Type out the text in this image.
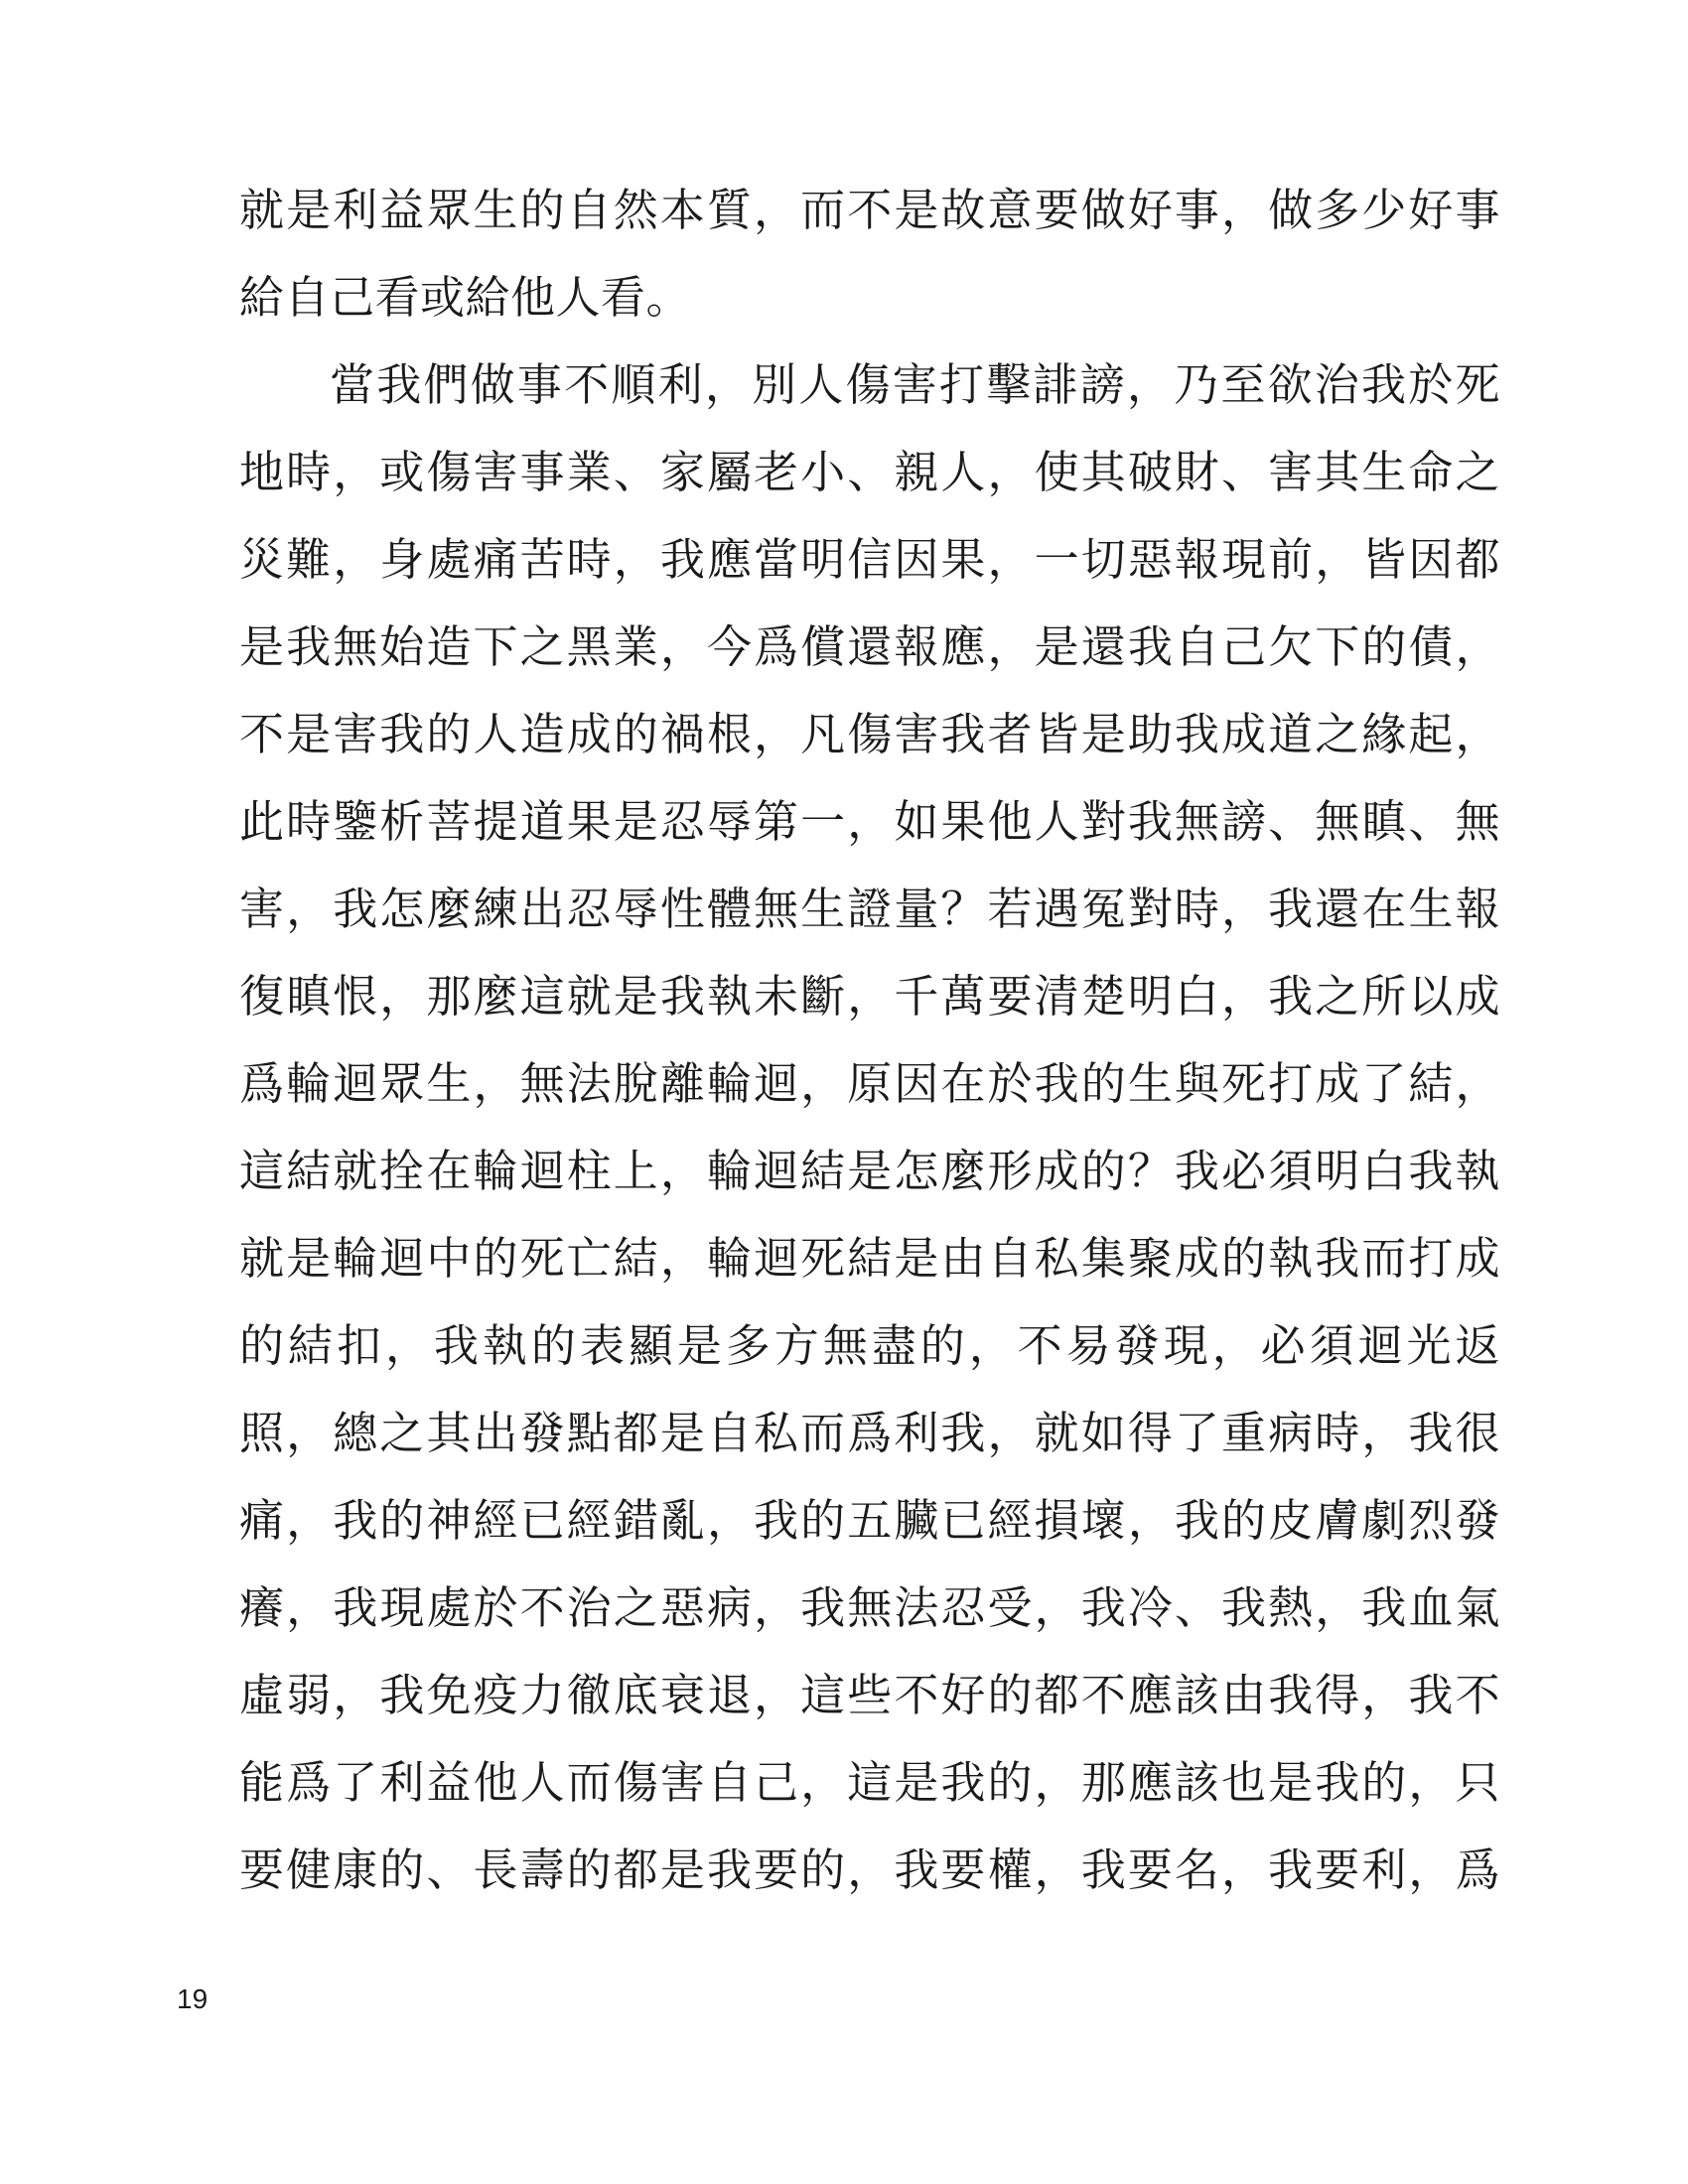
就是利益眾生的自然本質，而不是故意要做好事，做多少好事
給自己看或給他人看。
當我們做事不順利，別人傷害打擊誹謗，乃至欲治我於死
地時，或傷害事業、家屬老小、親人，使其破財、害其生命之
災難，身處痛苦時，我應當明信因果，一切惡報現前，皆因都
是我無始造下之黑業，今爲償還報應，是還我自己欠下的債，
不是害我的人造成的禍根，凡傷害我者皆是助我成道之緣起，
此時鑒析菩提道果是忍辱第一，如果他人對我無謗、無瞋、無
害，我怎麼練出忍辱性體無生證量？若遇冤對時，我還在生報
復瞋恨，那麼這就是我執未斷，千萬要清楚明白，我之所以成
爲輪迴眾生，無法脫離輪迴，原因在於我的生與死打成了結，
這結就拴在輪迴柱上，輪迴結是怎麼形成的？我必須明白我執
就是輪迴中的死亡結，輪迴死結是由自私集聚成的執我而打成
的結扣，我執的表顯是多方無盡的，不易發現，必須迴光返
照，總之其出發點都是自私而爲利我，就如得了重病時，我很
痛，我的神經已經錯亂，我的五臟已經損壞，我的皮膚劇烈發
癢，我現處於不治之惡病，我無法忍受，我冷、我熱，我血氣
虛弱，我免疫力徹底衰退，這些不好的都不應該由我得，我不
能爲了利益他人而傷害自己，這是我的，那應該也是我的，只
要健康的、長壽的都是我要的，我要權，我要名，我要利，爲
19
